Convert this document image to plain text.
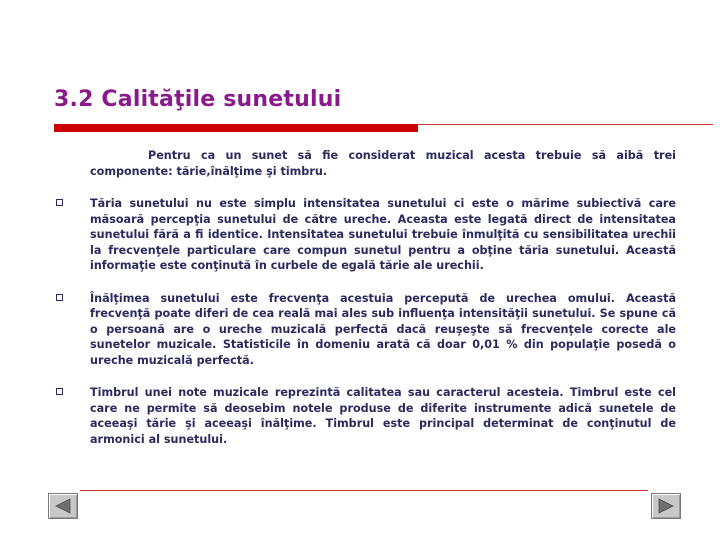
3.2 Calităţile sunetului
Pentru ca un sunet să fie considerat muzical acesta trebuie să aibă trei componente: tărie,înălţime şi timbru.
Tăria sunetului nu este simplu intensitatea sunetului ci este o mărime subiectivă care măsoară percepţia sunetului de către ureche. Aceasta este legată direct de intensitatea sunetului fără a fi identice. Intensitatea sunetului trebuie înmulţită cu sensibilitatea urechii la frecvenţele particulare care compun sunetul pentru a obţine tăria sunetului. Această informaţie este conţinută în curbele de egală tărie ale urechii.
Înălţimea sunetului este frecvenţa acestuia percepută de urechea omului. Această frecvenţă poate diferi de cea reală mai ales sub influenţa intensităţii sunetului. Se spune că o persoană are o ureche muzicală perfectă dacă reuşeşte să frecvenţele corecte ale sunetelor muzicale. Statisticile în domeniu arată că doar 0,01 % din populaţie posedă o ureche muzicală perfectă.
Timbrul unei note muzicale reprezintă calitatea sau caracterul acesteia. Timbrul este cel care ne permite să deosebim notele produse de diferite instrumente adică sunetele de aceeaşi tărie şi aceeaşi înălţime. Timbrul este principal determinat de conţinutul de armonici al sunetului.
